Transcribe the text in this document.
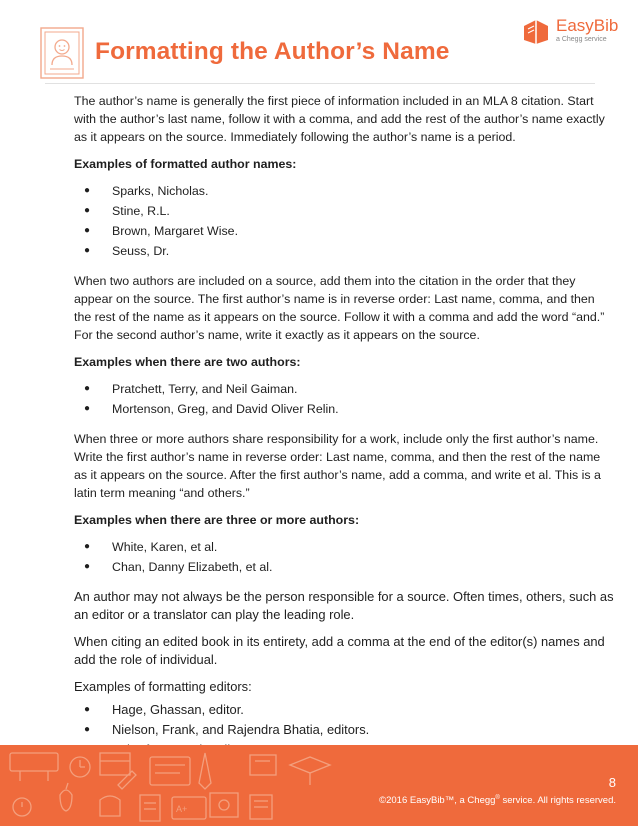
Formatting the Author’s Name
EasyBib
a Chegg service

The author’s name is generally the first piece of information included in an MLA 8 citation. Start with the author’s last name, follow it with a comma, and add the rest of the author’s name exactly as it appears on the source. Immediately following the author’s name is a period.

Examples of formatted author names:

● Sparks, Nicholas.
● Stine, R.L.
● Brown, Margaret Wise.
● Seuss, Dr.

When two authors are included on a source, add them into the citation in the order that they appear on the source. The first author’s name is in reverse order: Last name, comma, and then the rest of the name as it appears on the source. Follow it with a comma and add the word “and.” For the second author’s name, write it exactly as it appears on the source.

Examples when there are two authors:

● Pratchett, Terry, and Neil Gaiman.
● Mortenson, Greg, and David Oliver Relin.

When three or more authors share responsibility for a work, include only the first author’s name. Write the first author’s name in reverse order: Last name, comma, and then the rest of the name as it appears on the source. After the first author’s name, add a comma, and write et al. This is a latin term meaning “and others.”

Examples when there are three or more authors:

● White, Karen, et al.
● Chan, Danny Elizabeth, et al.

An author may not always be the person responsible for a source. Often times, others, such as an editor or a translator can play the leading role.

When citing an edited book in its entirety, add a comma at the end of the editor(s) names and add the role of individual.

Examples of formatting editors:

● Hage, Ghassan, editor.
● Nielson, Frank, and Rajendra Bhatia, editors.
●
A+
8
©2016 EasyBib™, a Chegg® service. All rights reserved.
